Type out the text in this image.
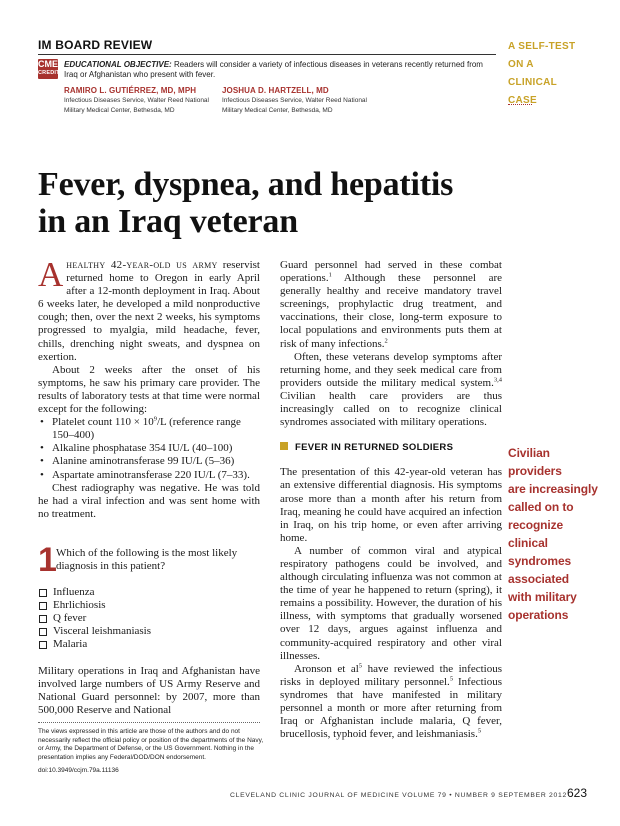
IM BOARD REVIEW
CME
CREDIT
EDUCATIONAL OBJECTIVE: Readers will consider a variety of infectious diseases in veterans recently returned from Iraq or Afghanistan who present with fever.
RAMIRO L. GUTIÉRREZ, MD, MPH
Infectious Diseases Service, Walter Reed National
Military Medical Center, Bethesda, MD
JOSHUA D. HARTZELL, MD
Infectious Diseases Service, Walter Reed National
Military Medical Center, Bethesda, MD
A SELF-TEST
ON A
CLINICAL
CASE
Fever, dyspnea, and hepatitis
in an Iraq veteran

Ahealthy 42-year-old us army reservist returned home to Oregon in early April after a 12-month deployment in Iraq. About 6 weeks later, he developed a mild nonproductive cough; then, over the next 2 weeks, his symptoms progressed to myalgia, mild headache, fever, chills, drenching night sweats, and dyspnea on exertion.

About 2 weeks after the onset of his symptoms, he saw his primary care provider. The results of laboratory tests at that time were normal except for the following:

• Platelet count $110 \times 10^9/L$ (reference range
150–400)
• Alkaline phosphatase 354 IU/L (40–100)
• Alanine aminotransferase 99 IU/L (5–36)
• Aspartate aminotransferase 220 IU/L (7–33).

Chest radiography was negative. He was told he had a viral infection and was sent home with no treatment.

1 Which of the following is the most likely diagnosis in this patient?
Influenza
Ehrlichiosis
Q fever
Visceral leishmaniasis
Malaria

Military operations in Iraq and Afghanistan have involved large numbers of US Army Reserve and National Guard personnel: by 2007, more than 500,000 Reserve and National

Guard personnel had served in these combat operations.$^1$ Although these personnel are generally healthy and receive mandatory travel screenings, prophylactic drug treatment, and vaccinations, their close, long-term exposure to local populations and environments puts them at risk of many infections.$^2$

Often, these veterans develop symptoms after returning home, and they seek medical care from providers outside the military medical system.$^{3,4}$ Civilian health care providers are thus increasingly called on to recognize clinical syndromes associated with military operations.

FEVER IN RETURNED SOLDIERS

The presentation of this 42-year-old veteran has an extensive differential diagnosis. His symptoms arose more than a month after his return from Iraq, meaning he could have acquired an infection in Iraq, on his trip home, or even after arriving home.

A number of common viral and atypical respiratory pathogens could be involved, and although circulating influenza was not common at the time of year he happened to return (spring), it remains a possibility. However, the duration of his illness, with symptoms that gradually worsened over 12 days, argues against influenza and community-acquired respiratory and other viral illnesses.

Aronson et $al^5$ have reviewed the infectious risks in deployed military personnel.$^5$ Infectious syndromes that have manifested in military personnel a month or more after returning from Iraq or Afghanistan include malaria, Q fever, brucellosis, typhoid fever, and leishmaniasis.$^5$

Civilian
providers
are increasingly
called on to
recognize
clinical
syndromes
associated
with military
operations
The views expressed in this article are those of the authors and do not necessarily reflect the official policy or position of the departments of the Navy, or Army, the Department of Defense, or the US Government. Nothing in the presentation implies any Federal/DOD/DON endorsement.
doi:10.3949/ccjm.79a.11136
CLEVELAND CLINIC JOURNAL OF MEDICINE VOLUME 79 • NUMBER 9 SEPTEMBER 2012 623
